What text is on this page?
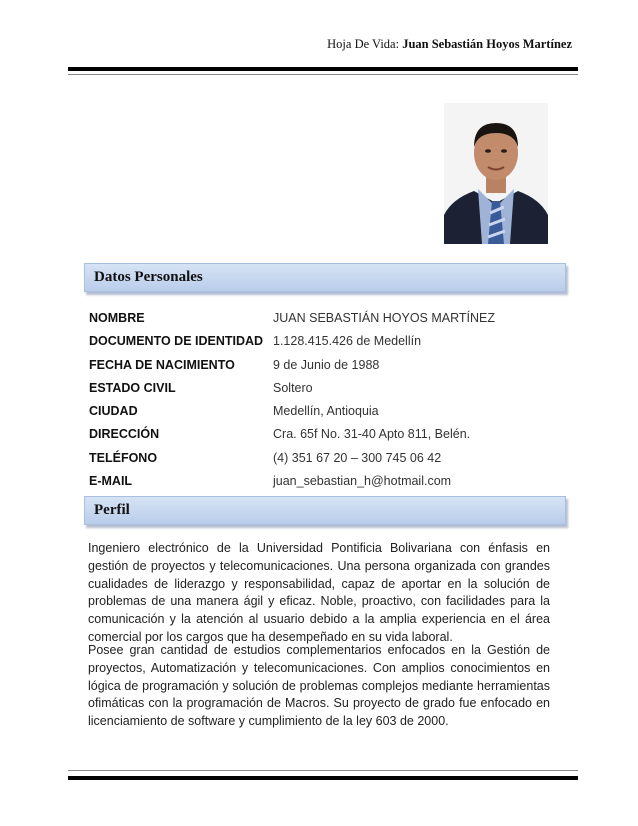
Hoja De Vida: Juan Sebastián Hoyos Martínez
Datos Personales
NOMBRE	JUAN SEBASTIÁN HOYOS MARTÍNEZ
DOCUMENTO DE IDENTIDAD 1.128.415.426 de Medellín
FECHA DE NACIMIENTO	9 de Junio de 1988
ESTADO CIVIL	Soltero
CIUDAD	Medellín, Antioquia
DIRECCIÓN	Cra. 65f No. 31-40 Apto 811, Belén.
TELÉFONO	(4) 351 67 20 – 300 745 06 42
E-MAIL	juan_sebastian_h@hotmail.com
Perfil
Ingeniero electrónico de la Universidad Pontificia Bolivariana con énfasis en gestión de proyectos y telecomunicaciones. Una persona organizada con grandes cualidades de liderazgo y responsabilidad, capaz de aportar en la solución de problemas de una manera ágil y eficaz. Noble, proactivo, con facilidades para la comunicación y la atención al usuario debido a la amplia experiencia en el área comercial por los cargos que ha desempeñado en su vida laboral.
Posee gran cantidad de estudios complementarios enfocados en la Gestión de proyectos, Automatización y telecomunicaciones. Con amplios conocimientos en lógica de programación y solución de problemas complejos mediante herramientas ofimáticas con la programación de Macros. Su proyecto de grado fue enfocado en licenciamiento de software y cumplimiento de la ley 603 de 2000.
